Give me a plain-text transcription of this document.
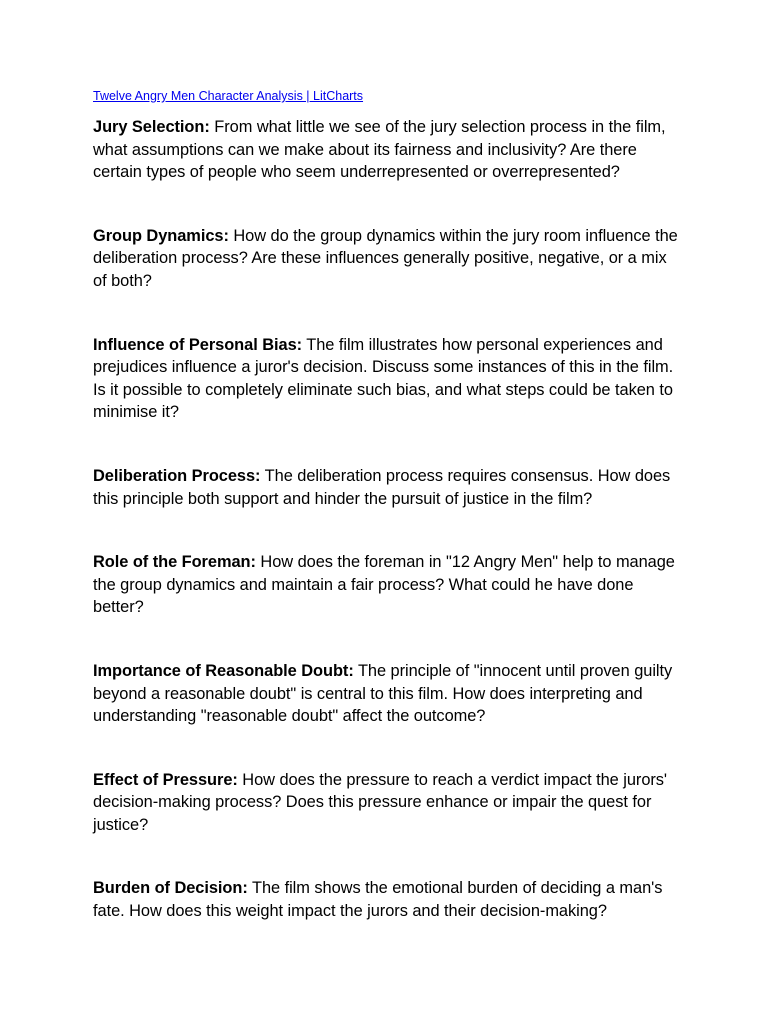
Twelve Angry Men Character Analysis | LitCharts

Jury Selection: From what little we see of the jury selection process in the film, what assumptions can we make about its fairness and inclusivity? Are there certain types of people who seem underrepresented or overrepresented?

Group Dynamics: How do the group dynamics within the jury room influence the deliberation process? Are these influences generally positive, negative, or a mix of both?

Influence of Personal Bias: The film illustrates how personal experiences and prejudices influence a juror's decision. Discuss some instances of this in the film. Is it possible to completely eliminate such bias, and what steps could be taken to minimise it?

Deliberation Process: The deliberation process requires consensus. How does this principle both support and hinder the pursuit of justice in the film?

Role of the Foreman: How does the foreman in "12 Angry Men" help to manage the group dynamics and maintain a fair process? What could he have done better?

Importance of Reasonable Doubt: The principle of "innocent until proven guilty beyond a reasonable doubt" is central to this film. How does interpreting and understanding "reasonable doubt" affect the outcome?

Effect of Pressure: How does the pressure to reach a verdict impact the jurors' decision-making process? Does this pressure enhance or impair the quest for justice?

Burden of Decision: The film shows the emotional burden of deciding a man's fate. How does this weight impact the jurors and their decision-making?
